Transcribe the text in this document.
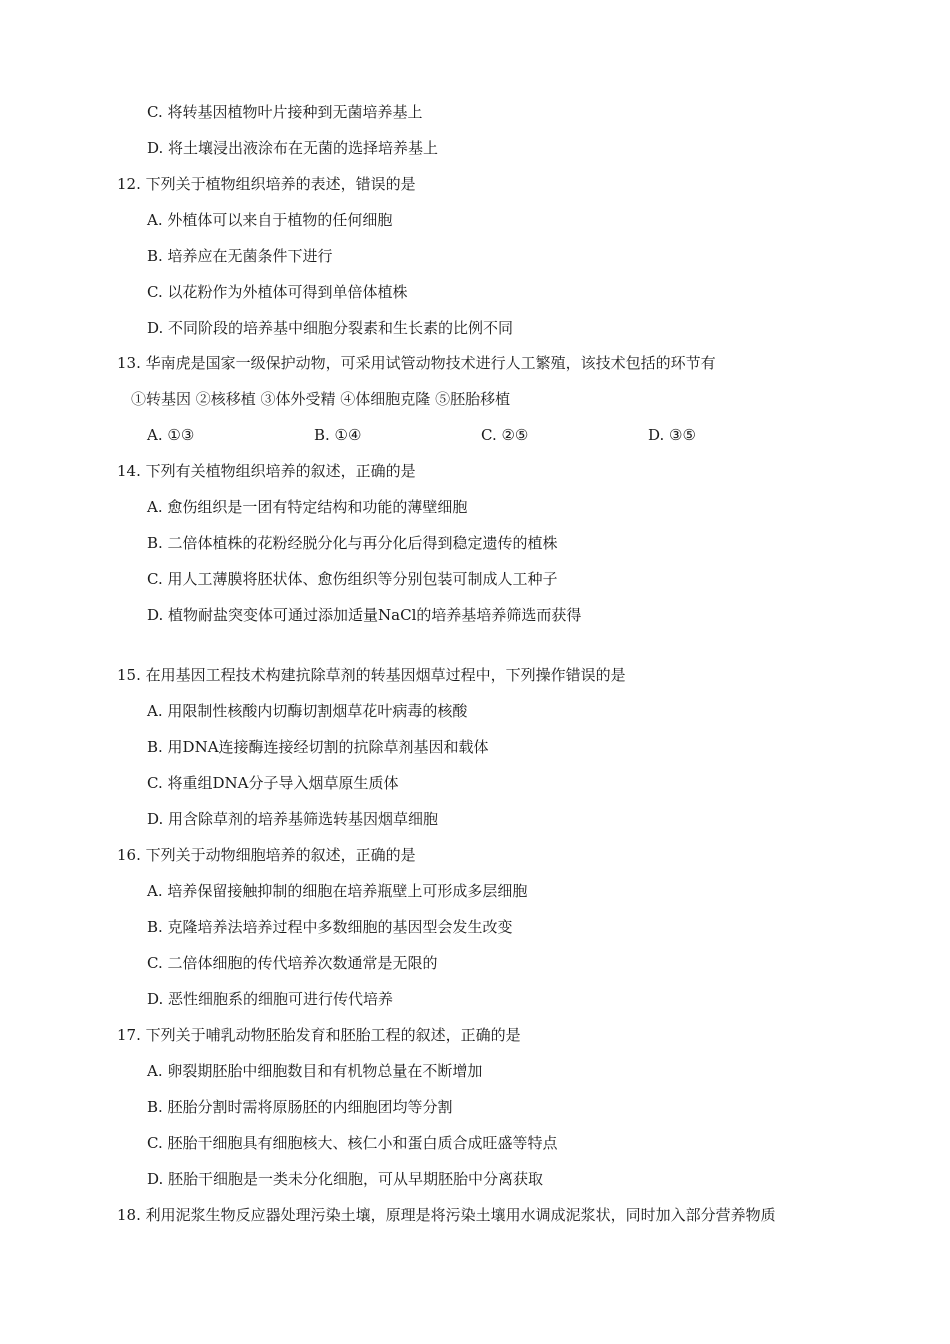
C. 将转基因植物叶片接种到无菌培养基上
D. 将土壤浸出液涂布在无菌的选择培养基上
12. 下列关于植物组织培养的表述，错误的是
A. 外植体可以来自于植物的任何细胞
B. 培养应在无菌条件下进行
C. 以花粉作为外植体可得到单倍体植株
D. 不同阶段的培养基中细胞分裂素和生长素的比例不同
13. 华南虎是国家一级保护动物，可采用试管动物技术进行人工繁殖，该技术包括的环节有
①转基因 ②核移植 ③体外受精 ④体细胞克隆 ⑤胚胎移植
A. ①③	B. ①④	C. ②⑤	D. ③⑤
14. 下列有关植物组织培养的叙述，正确的是
A. 愈伤组织是一团有特定结构和功能的薄壁细胞
B. 二倍体植株的花粉经脱分化与再分化后得到稳定遗传的植株
C. 用人工薄膜将胚状体、愈伤组织等分别包装可制成人工种子
D. 植物耐盐突变体可通过添加适量NaCl的培养基培养筛选而获得
15. 在用基因工程技术构建抗除草剂的转基因烟草过程中，下列操作错误的是
A. 用限制性核酸内切酶切割烟草花叶病毒的核酸
B. 用DNA连接酶连接经切割的抗除草剂基因和载体
C. 将重组DNA分子导入烟草原生质体
D. 用含除草剂的培养基筛选转基因烟草细胞
16. 下列关于动物细胞培养的叙述，正确的是
A. 培养保留接触抑制的细胞在培养瓶壁上可形成多层细胞
B. 克隆培养法培养过程中多数细胞的基因型会发生改变
C. 二倍体细胞的传代培养次数通常是无限的
D. 恶性细胞系的细胞可进行传代培养
17. 下列关于哺乳动物胚胎发育和胚胎工程的叙述，正确的是
A. 卵裂期胚胎中细胞数目和有机物总量在不断增加
B. 胚胎分割时需将原肠胚的内细胞团均等分割
C. 胚胎干细胞具有细胞核大、核仁小和蛋白质合成旺盛等特点
D. 胚胎干细胞是一类未分化细胞，可从早期胚胎中分离获取
18. 利用泥浆生物反应器处理污染土壤，原理是将污染土壤用水调成泥浆状，同时加入部分营养物质
